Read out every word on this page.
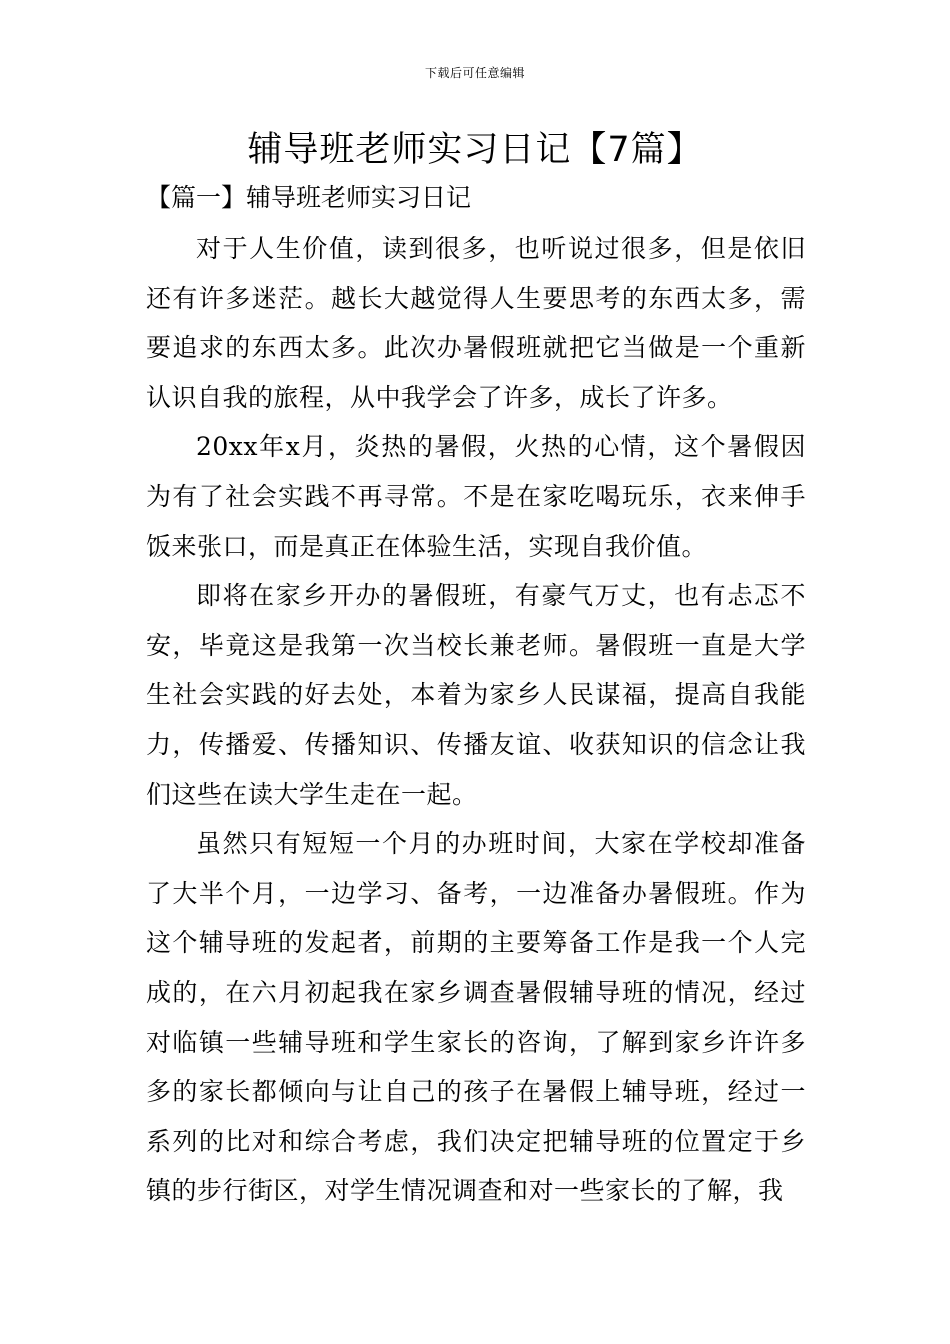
下载后可任意编辑
辅导班老师实习日记【7篇】
【篇一】辅导班老师实习日记

对于人生价值，读到很多，也听说过很多，但是依旧还有许多迷茫。越长大越觉得人生要思考的东西太多，需要追求的东西太多。此次办暑假班就把它当做是一个重新认识自我的旅程，从中我学会了许多，成长了许多。

20xx年x月，炎热的暑假，火热的心情，这个暑假因为有了社会实践不再寻常。不是在家吃喝玩乐，衣来伸手饭来张口，而是真正在体验生活，实现自我价值。

即将在家乡开办的暑假班，有豪气万丈，也有忐忑不安，毕竟这是我第一次当校长兼老师。暑假班一直是大学生社会实践的好去处，本着为家乡人民谋福，提高自我能力，传播爱、传播知识、传播友谊、收获知识的信念让我们这些在读大学生走在一起。

虽然只有短短一个月的办班时间，大家在学校却准备了大半个月，一边学习、备考，一边准备办暑假班。作为这个辅导班的发起者，前期的主要筹备工作是我一个人完成的，在六月初起我在家乡调查暑假辅导班的情况，经过对临镇一些辅导班和学生家长的咨询，了解到家乡许许多多的家长都倾向与让自己的孩子在暑假上辅导班，经过一系列的比对和综合考虑，我们决定把辅导班的位置定于乡镇的步行街区，对学生情况调查和对一些家长的了解，我
